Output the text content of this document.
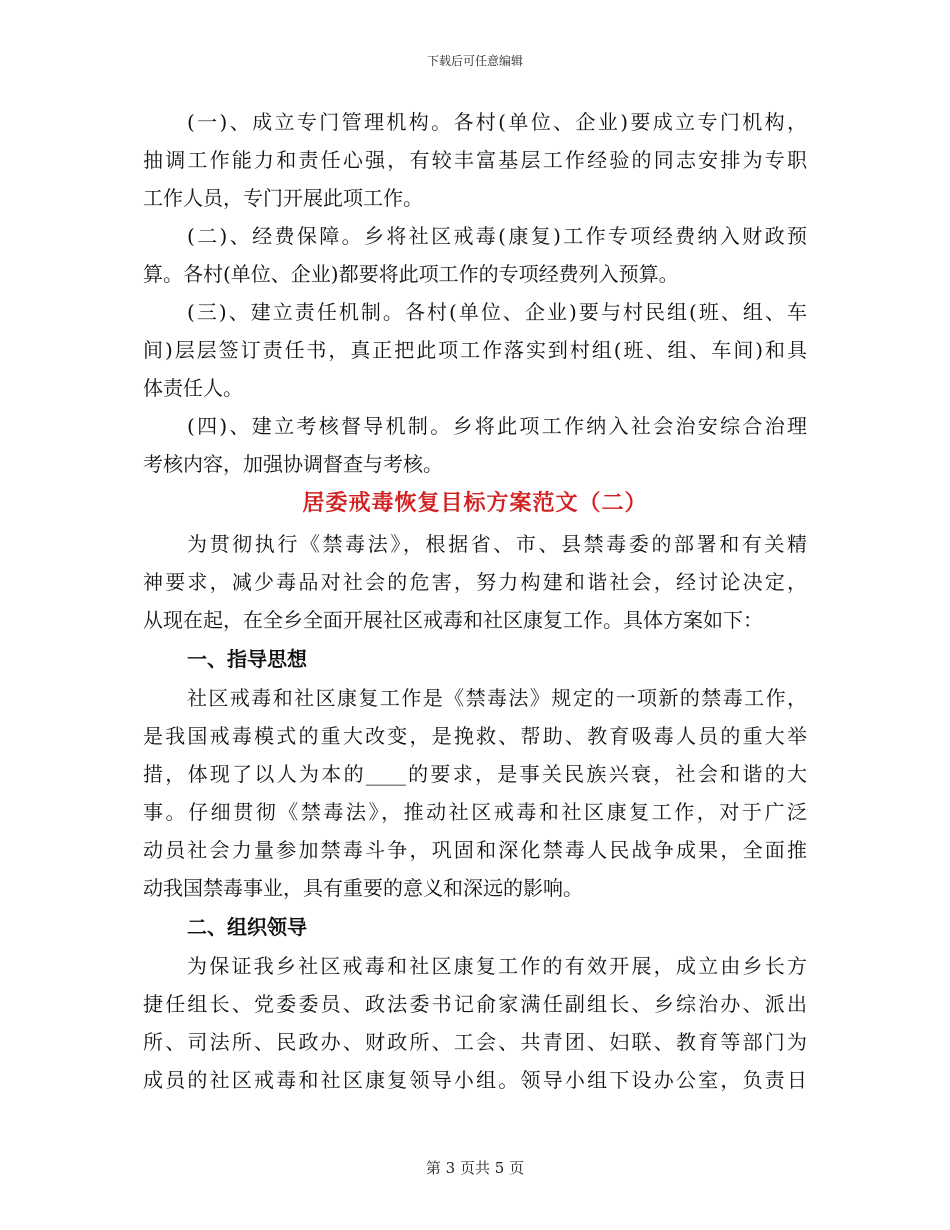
下载后可任意编辑
(一)、成立专门管理机构。各村(单位、企业)要成立专门机构，
抽调工作能力和责任心强，有较丰富基层工作经验的同志安排为专职
工作人员，专门开展此项工作。
(二)、经费保障。乡将社区戒毒(康复)工作专项经费纳入财政预
算。各村(单位、企业)都要将此项工作的专项经费列入预算。
(三)、建立责任机制。各村(单位、企业)要与村民组(班、组、车
间)层层签订责任书，真正把此项工作落实到村组(班、组、车间)和具
体责任人。
(四)、建立考核督导机制。乡将此项工作纳入社会治安综合治理
考核内容，加强协调督查与考核。
居委戒毒恢复目标方案范文（二）
为贯彻执行《禁毒法》，根据省、市、县禁毒委的部署和有关精
神要求，减少毒品对社会的危害，努力构建和谐社会，经讨论决定，
从现在起，在全乡全面开展社区戒毒和社区康复工作。具体方案如下：
一、指导思想
社区戒毒和社区康复工作是《禁毒法》规定的一项新的禁毒工作，
是我国戒毒模式的重大改变，是挽救、帮助、教育吸毒人员的重大举
措，体现了以人为本的____的要求，是事关民族兴衰，社会和谐的大
事。仔细贯彻《禁毒法》，推动社区戒毒和社区康复工作，对于广泛
动员社会力量参加禁毒斗争，巩固和深化禁毒人民战争成果，全面推
动我国禁毒事业，具有重要的意义和深远的影响。
二、组织领导
为保证我乡社区戒毒和社区康复工作的有效开展，成立由乡长方
捷任组长、党委委员、政法委书记俞家满任副组长、乡综治办、派出
所、司法所、民政办、财政所、工会、共青团、妇联、教育等部门为
成员的社区戒毒和社区康复领导小组。领导小组下设办公室，负责日
第 3 页共 5 页
